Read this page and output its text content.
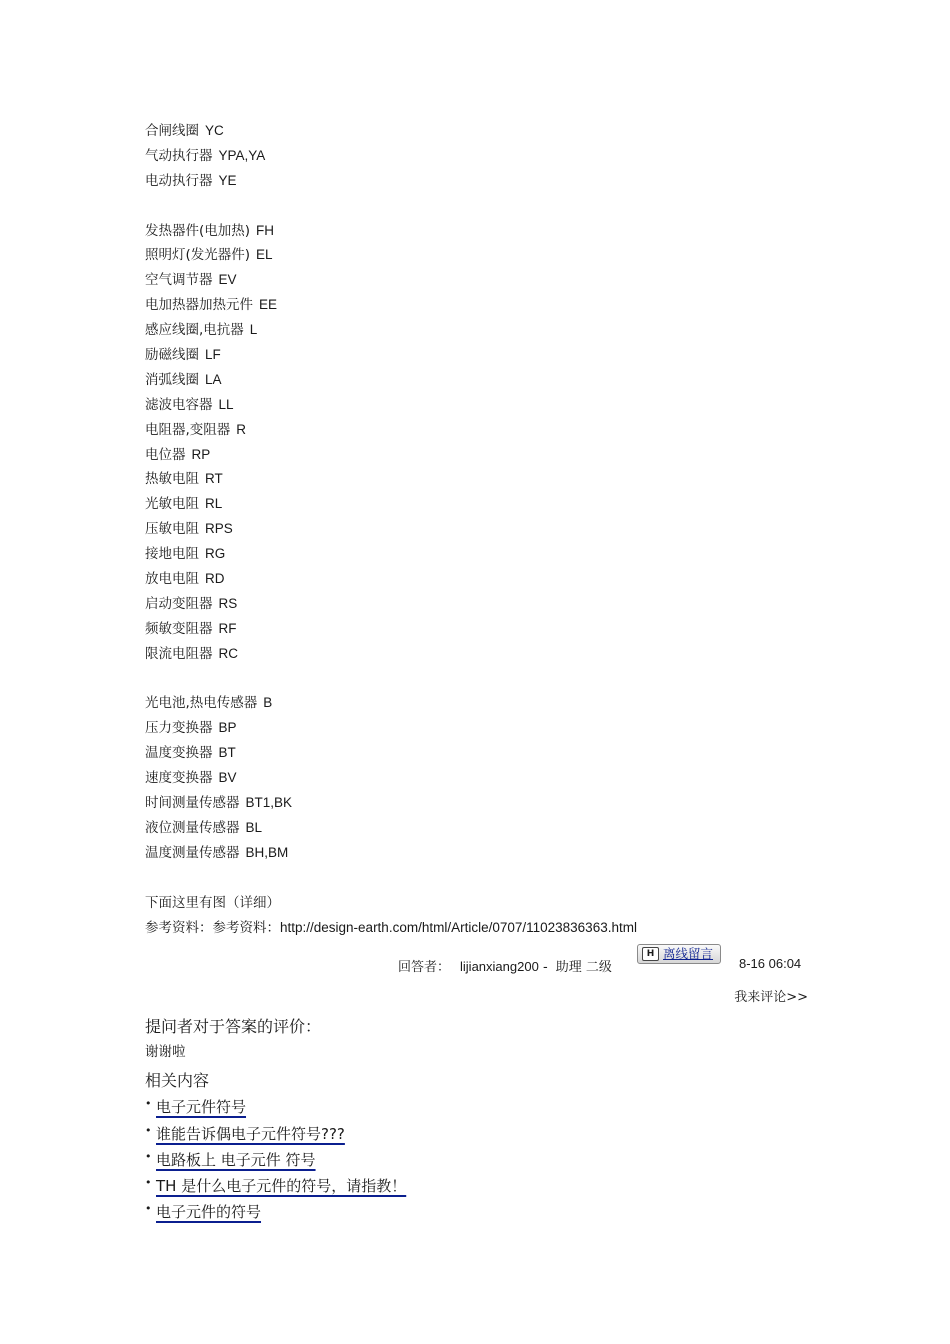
合闸线圈 YC
气动执行器 YPA,YA
电动执行器 YE
发热器件(电加热) FH
照明灯(发光器件) EL
空气调节器 EV
电加热器加热元件 EE
感应线圈,电抗器 L
励磁线圈 LF
消弧线圈 LA
滤波电容器 LL
电阻器,变阻器 R
电位器 RP
热敏电阻 RT
光敏电阻 RL
压敏电阻 RPS
接地电阻 RG
放电电阻 RD
启动变阻器 RS
频敏变阻器 RF
限流电阻器 RC
光电池,热电传感器 B
压力变换器 BP
温度变换器 BT
速度变换器 BV
时间测量传感器 BT1,BK
液位测量传感器 BL
温度测量传感器 BH,BM
下面这里有图（详细）
参考资料：参考资料：http://design-earth.com/html/Article/0707/11023836363.html
回答者： lijianxiang200 - 助理 二级
H 离线留言
8-16 06:04
我来评论>>
提问者对于答案的评价：
谢谢啦
相关内容
• 电子元件符号
• 谁能告诉偶电子元件符号???
• 电路板上 电子元件 符号
• TH 是什么电子元件的符号，请指教！
• 电子元件的符号
